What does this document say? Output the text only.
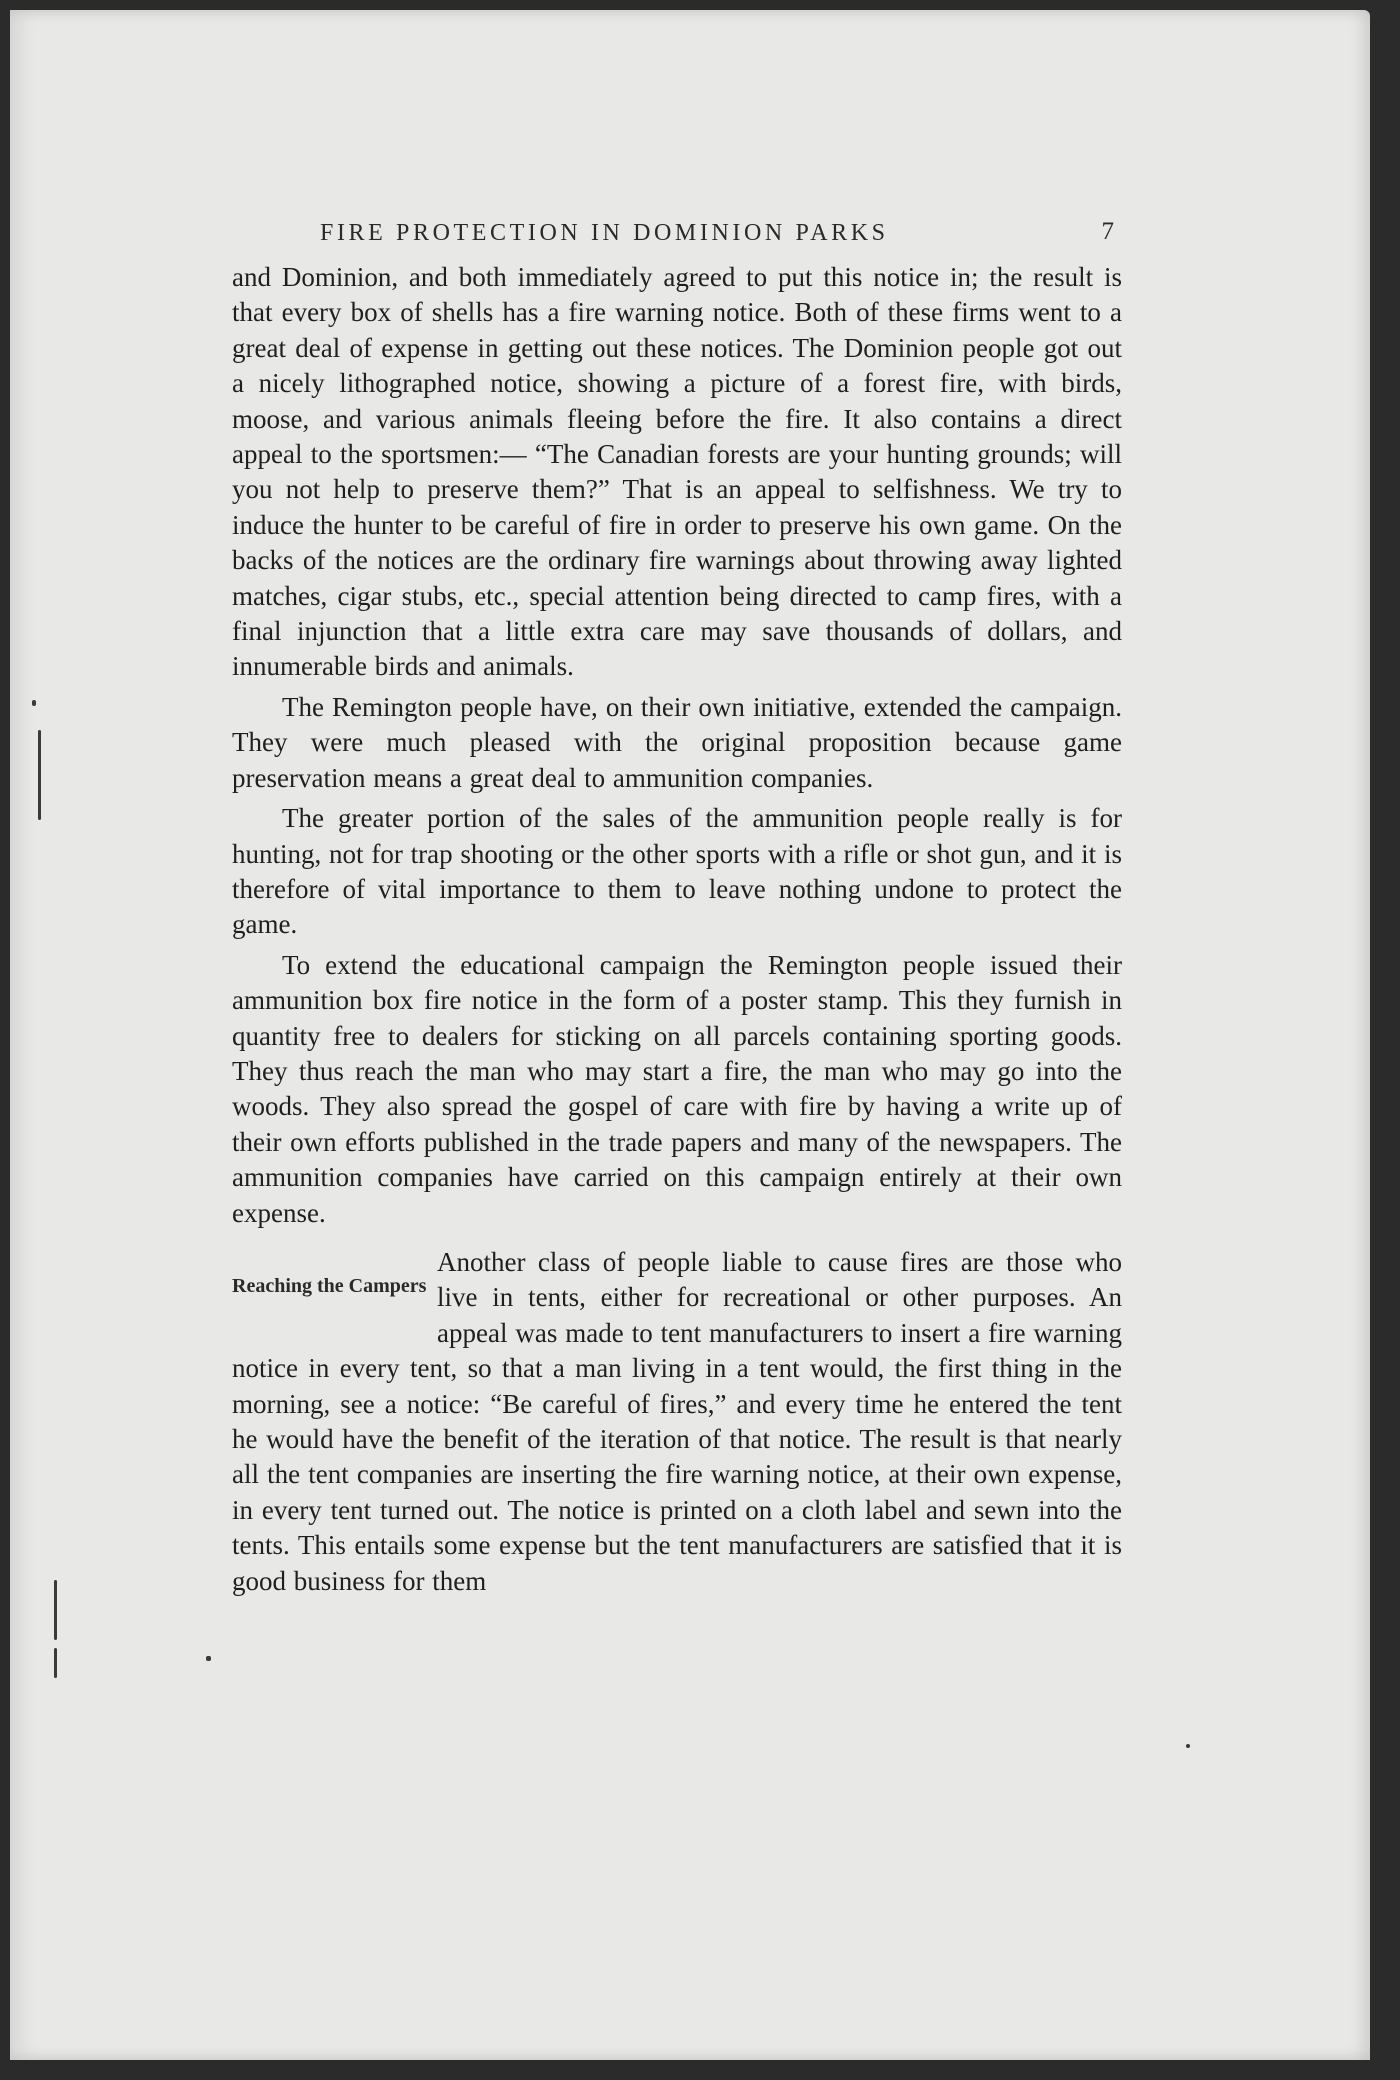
FIRE PROTECTION IN DOMINION PARKS	7

and Dominion, and both immediately agreed to put this notice in; the result is that every box of shells has a fire warning notice. Both of these firms went to a great deal of expense in getting out these notices. The Dominion people got out a nicely lithographed notice, showing a picture of a forest fire, with birds, moose, and various animals fleeing before the fire. It also contains a direct appeal to the sportsmen:— “The Canadian forests are your hunting grounds; will you not help to preserve them?” That is an appeal to selfishness. We try to induce the hunter to be careful of fire in order to preserve his own game. On the backs of the notices are the ordinary fire warnings about throwing away lighted matches, cigar stubs, etc., special attention being directed to camp fires, with a final injunction that a little extra care may save thousands of dollars, and innumerable birds and animals.

The Remington people have, on their own initiative, extended the campaign. They were much pleased with the original proposition because game preservation means a great deal to ammunition companies.

The greater portion of the sales of the ammunition people really is for hunting, not for trap shooting or the other sports with a rifle or shot gun, and it is therefore of vital importance to them to leave nothing undone to protect the game.

To extend the educational campaign the Remington people issued their ammunition box fire notice in the form of a poster stamp. This they furnish in quantity free to dealers for sticking on all parcels containing sporting goods. They thus reach the man who may start a fire, the man who may go into the woods. They also spread the gospel of care with fire by having a write up of their own efforts published in the trade papers and many of the newspapers. The ammunition companies have carried on this campaign entirely at their own expense.

Reaching the Campers

Another class of people liable to cause fires are those who live in tents, either for recreational or other purposes. An appeal was made to tent manufacturers to insert a fire warning notice in every tent, so that a man living in a tent would, the first thing in the morning, see a notice: “Be careful of fires,” and every time he entered the tent he would have the benefit of the iteration of that notice. The result is that nearly all the tent companies are inserting the fire warning notice, at their own expense, in every tent turned out. The notice is printed on a cloth label and sewn into the tents. This entails some expense but the tent manufacturers are satisfied that it is good business for them
